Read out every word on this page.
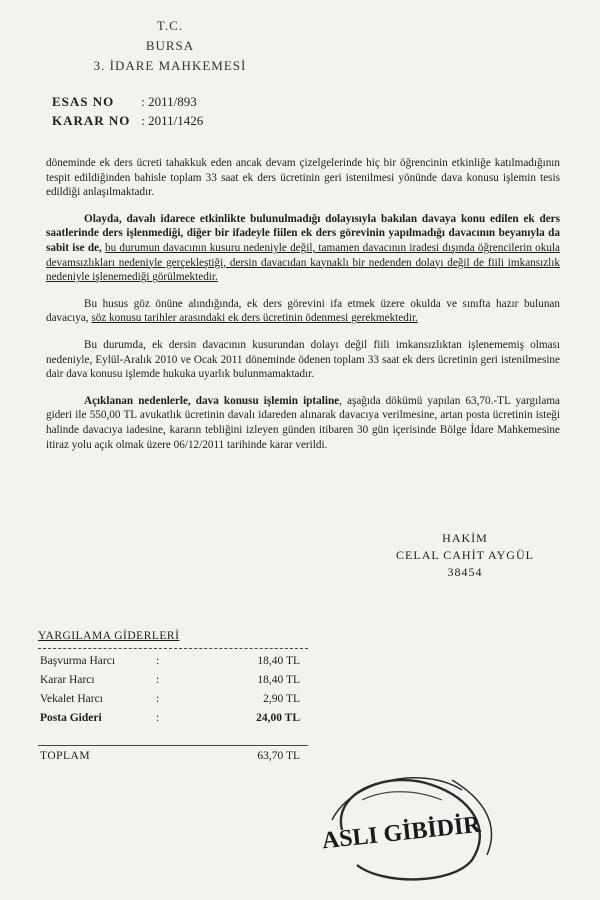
T.C.
BURSA
3. İDARE MAHKEMESİ
ESAS NO : 2011/893
KARAR NO : 2011/1426

döneminde ek ders ücreti tahakkuk eden ancak devam çizelgelerinde hiç bir öğrencinin etkinliğe katılmadığının tespit edildiğinden bahisle toplam 33 saat ek ders ücretinin geri istenilmesi yönünde dava konusu işlemin tesis edildiği anlaşılmaktadır.

Olayda, davalı idarece etkinlikte bulunulmadığı dolayısıyla bakılan davaya konu edilen ek ders saatlerinde ders işlenmediği, diğer bir ifadeyle fiilen ek ders görevinin yapılmadığı davacının beyanıyla da sabit ise de, bu durumun davacının kusuru nedeniyle değil, tamamen davacının iradesi dışında öğrencilerin okula devamsızlıkları nedeniyle gerçekleştiği, dersin davacıdan kaynaklı bir nedenden dolayı değil de fiili imkansızlık nedeniyle işlenemediği görülmektedir.

Bu husus göz önüne alındığında, ek ders görevini ifa etmek üzere okulda ve sınıfta hazır bulunan davacıya, söz konusu tarihler arasındaki ek ders ücretinin ödenmesi gerekmektedir.

Bu durumda, ek dersin davacının kusurundan dolayı değil fiili imkansızlıktan işlenememiş olması nedeniyle, Eylül-Aralık 2010 ve Ocak 2011 döneminde ödenen toplam 33 saat ek ders ücretinin geri istenilmesine dair dava konusu işlemde hukuka uyarlık bulunmamaktadır.

Açıklanan nedenlerle, dava konusu işlemin iptaline, aşağıda dökümü yapılan 63,70.-TL yargılama gideri ile 550,00 TL avukatlık ücretinin davalı idareden alınarak davacıya verilmesine, artan posta ücretinin isteği halinde davacıya iadesine, kararın tebliğini izleyen günden itibaren 30 gün içerisinde Bölge İdare Mahkemesine itiraz yolu açık olmak üzere 06/12/2011 tarihinde karar verildi.

HAKİM
CELAL CAHİT AYGÜL
38454
YARGILAMA GİDERLERİ
Başvurma Harcı	:	18,40 TL
Karar Harcı	:	18,40 TL
Vekalet Harcı	:	2,90 TL
Posta Gideri	:	24,00 TL
TOPLAM	63,70 TL
ASLI GİBİDİR
